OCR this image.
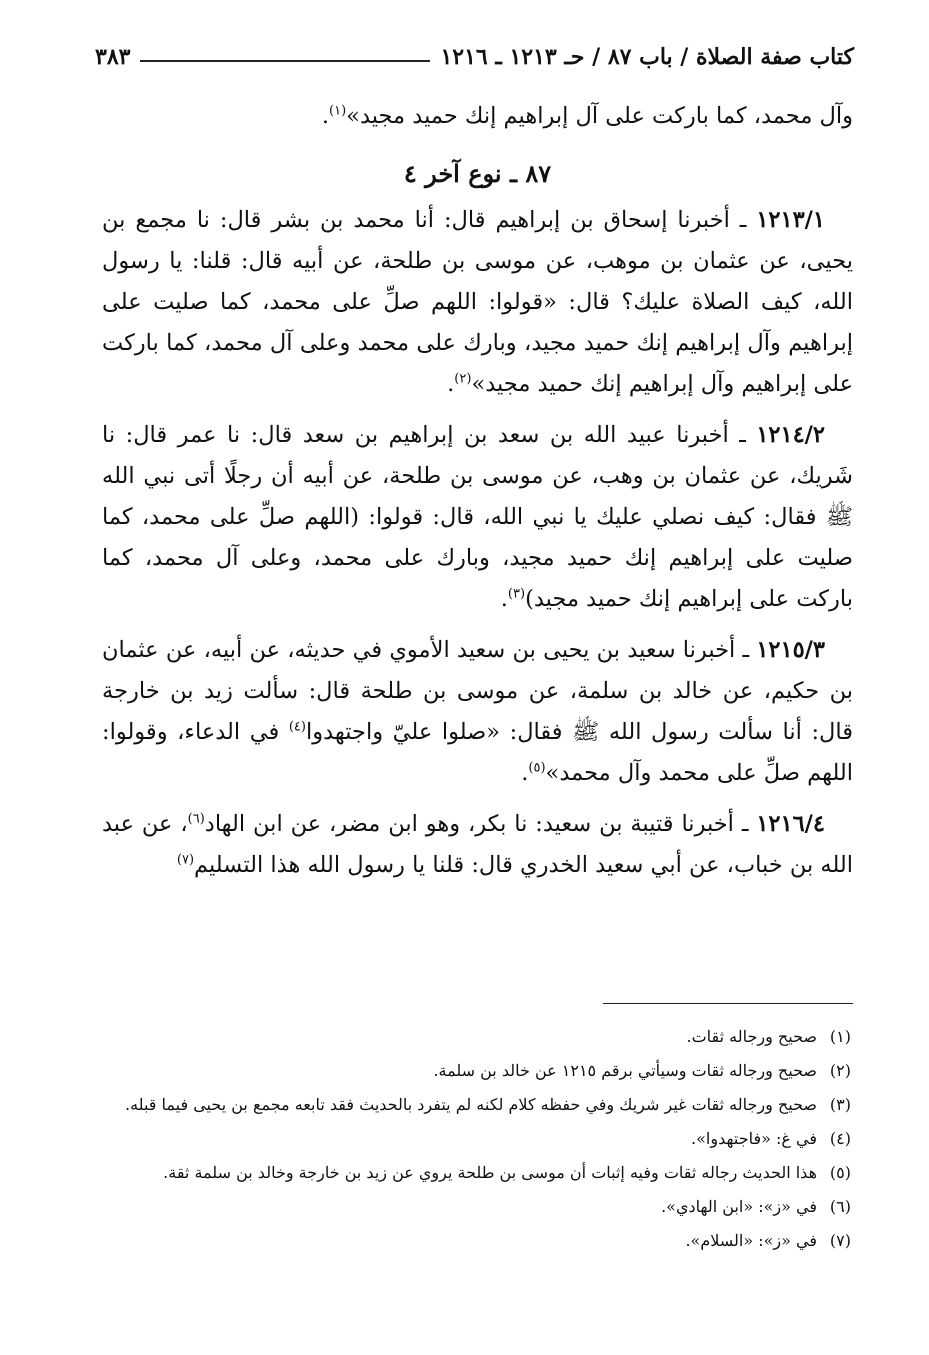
كتاب صفة الصلاة / باب ٨٧ / حـ ١٢١٣ ـ ١٢١٦
٣٨٣

وآل محمد، كما باركت على آل إبراهيم إنك حميد مجيد»$^{(١)}$.

٨٧ ـ نوع آخر ٤

١٢١٣/١ ـ أخبرنا إسحاق بن إبراهيم قال: أنا محمد بن بشر قال: نا مجمع بن يحيى، عن عثمان بن موهب، عن موسى بن طلحة، عن أبيه قال: قلنا: يا رسول الله، كيف الصلاة عليك؟ قال: «قولوا: اللهم صلِّ على محمد، كما صليت على إبراهيم وآل إبراهيم إنك حميد مجيد، وبارك على محمد وعلى آل محمد، كما باركت على إبراهيم وآل إبراهيم إنك حميد مجيد»$^{(٢)}$.

١٢١٤/٢ ـ أخبرنا عبيد الله بن سعد بن إبراهيم بن سعد قال: نا عمر قال: نا شَريك، عن عثمان بن وهب، عن موسى بن طلحة، عن أبيه أن رجلًا أتى نبي الله ﷺ فقال: كيف نصلي عليك يا نبي الله، قال: قولوا: (اللهم صلِّ على محمد، كما صليت على إبراهيم إنك حميد مجيد، وبارك على محمد، وعلى آل محمد، كما باركت على إبراهيم إنك حميد مجيد)$^{(٣)}$.

١٢١٥/٣ ـ أخبرنا سعيد بن يحيى بن سعيد الأموي في حديثه، عن أبيه، عن عثمان بن حكيم، عن خالد بن سلمة، عن موسى بن طلحة قال: سألت زيد بن خارجة قال: أنا سألت رسول الله ﷺ فقال: «صلوا عليّ واجتهدوا$^{(٤)}$ في الدعاء، وقولوا: اللهم صلِّ على محمد وآل محمد»$^{(٥)}$.

١٢١٦/٤ ـ أخبرنا قتيبة بن سعيد: نا بكر، وهو ابن مضر، عن ابن الهاد$^{(٦)}$، عن عبد الله بن خباب، عن أبي سعيد الخدري قال: قلنا يا رسول الله هذا التسليم$^{(٧)}$

(١)
صحيح ورجاله ثقات.
(٢)
صحيح ورجاله ثقات وسيأتي برقم ١٢١٥ عن خالد بن سلمة.
(٣)
صحيح ورجاله ثقات غير شريك وفي حفظه كلام لكنه لم يتفرد بالحديث فقد تابعه مجمع بن يحيى فيما قبله.
(٤)
في غ: «فاجتهدوا».
(٥)
هذا الحديث رجاله ثقات وفيه إثبات أن موسى بن طلحة يروي عن زيد بن خارجة وخالد بن سلمة ثقة.
(٦)
في «ز»: «ابن الهادي».
(٧)
في «ز»: «السلام».
